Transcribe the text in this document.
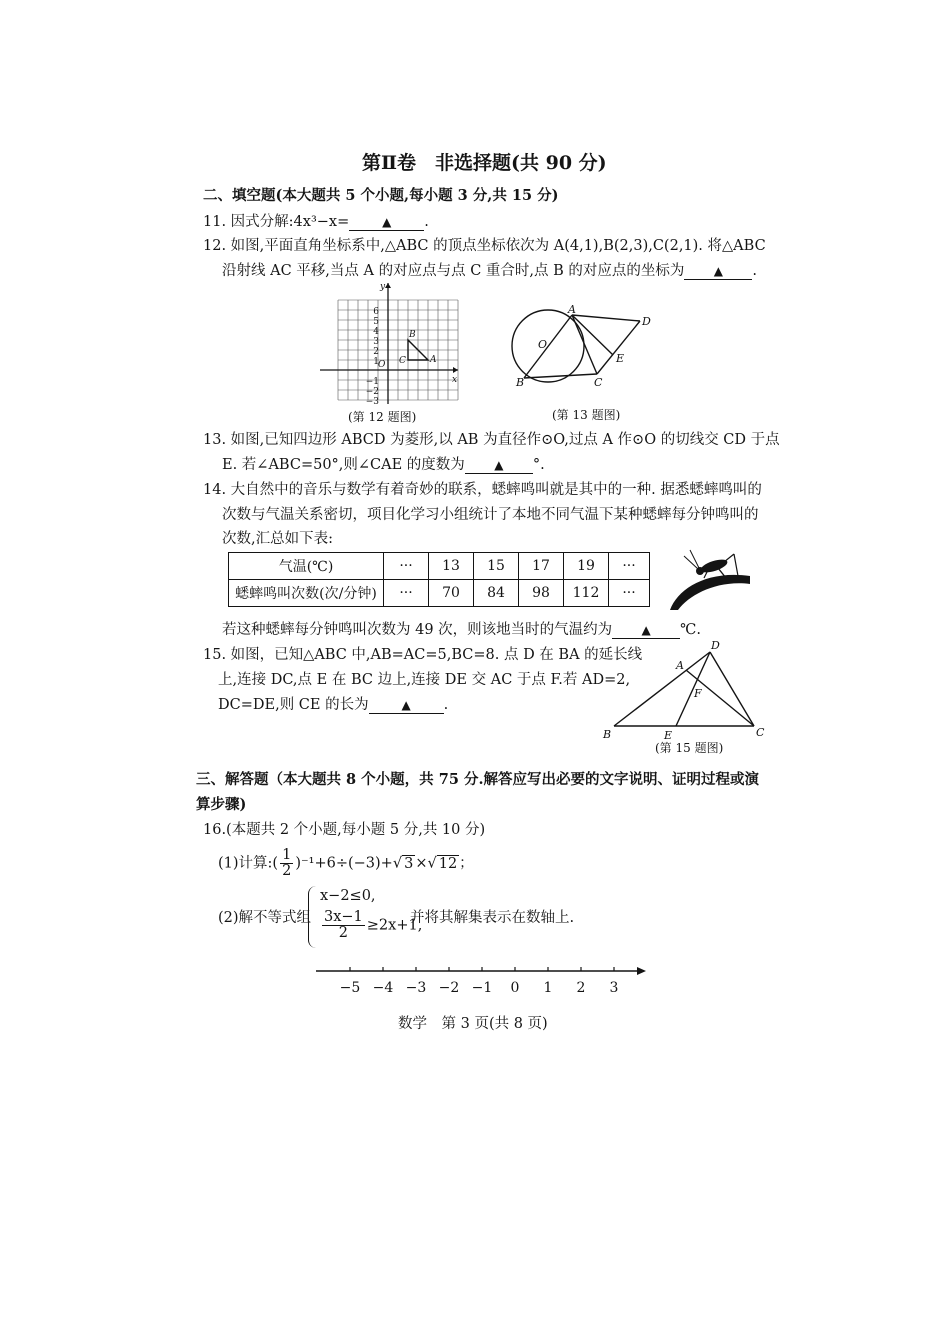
第Ⅱ卷　非选择题(共 90 分)
二、填空题(本大题共 5 个小题,每小题 3 分,共 15 分)
11. 因式分解:4x³−x=	▲ .
12. 如图,平面直角坐标系中,△ABC 的顶点坐标依次为 A(4,1),B(2,3),C(2,1). 将△ABC
沿射线 AC 平移,当点 A 的对应点与点 C 重合时,点 B 的对应点的坐标为 ▲ .
6
5
4
3
2
1
−1
−2
−3
x
y
O	A
B
C
(第 12 题图)
A
D
O
E
B	C
(第 13 题图)
13. 如图,已知四边形 ABCD 为菱形,以 AB 为直径作⊙O,过点 A 作⊙O 的切线交 CD 于点
E. 若∠ABC=50°,则∠CAE 的度数为 ▲ °.
14. 大自然中的音乐与数学有着奇妙的联系，蟋蟀鸣叫就是其中的一种. 据悉蟋蟀鸣叫的
次数与气温关系密切，项目化学习小组统计了本地不同气温下某种蟋蟀每分钟鸣叫的
次数,汇总如下表:
气温(℃)	···	13	15	17	19	···
蟋蟀鸣叫次数(次/分钟)	···	70	84	98	112	···
若这种蟋蟀每分钟鸣叫次数为 49 次，则该地当时的气温约为 ▲ ℃.
15. 如图，已知△ABC 中,AB=AC=5,BC=8. 点 D 在 BA 的延长线
上,连接 DC,点 E 在 BC 边上,连接 DE 交 AC 于点 F.若 AD=2,
DC=DE,则 CE 的长为	▲ .
A
D
F
B	E	C
(第 15 题图)
三、解答题（本大题共 8 个小题，共 75 分.解答应写出必要的文字说明、证明过程或演
算步骤)
16.(本题共 2 个小题,每小题 5 分,共 10 分)
(1)计算:( $\frac{1}{2} )^{-1}+6\div(-3)+√$ 3 ×√ 12 ；
(2)解不等式组
x−2≤0,
$\frac{3x-1}{2} \ge 2x+1$,
并将其解集表示在数轴上.
−5 −4 −3 −2 −1 0 1 2 3
数学　第 3 页(共 8 页)
